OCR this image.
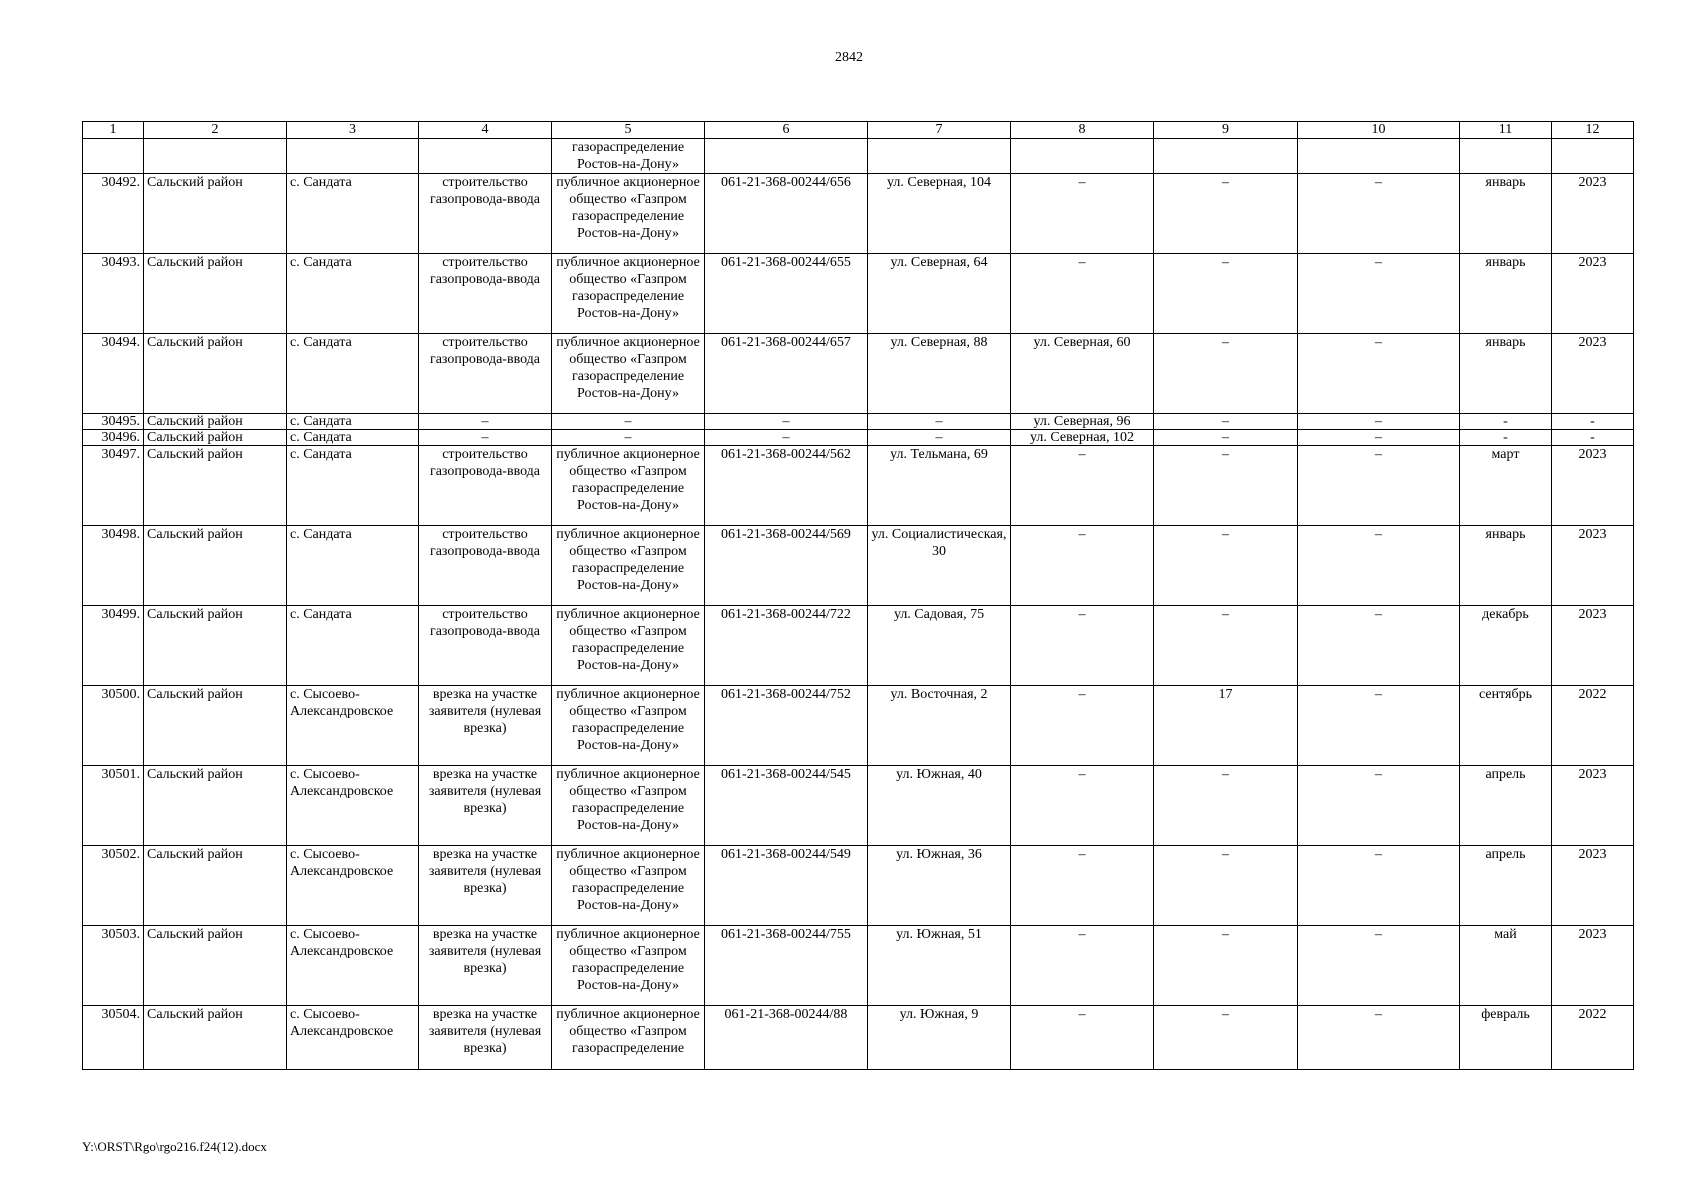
2842
1	2	3	4	5	6	7	8	9	10	11	12
				газораспределение Ростов-на-Дону»							
30492.	Сальский район	с. Сандата	строительство газопровода-ввода	публичное акционерное общество «Газпром газораспределение Ростов-на-Дону»	061-21-368-00244/656	ул. Северная, 104	–	–	–	январь	2023
30493.	Сальский район	с. Сандата	строительство газопровода-ввода	публичное акционерное общество «Газпром газораспределение Ростов-на-Дону»	061-21-368-00244/655	ул. Северная, 64	–	–	–	январь	2023
30494.	Сальский район	с. Сандата	строительство газопровода-ввода	публичное акционерное общество «Газпром газораспределение Ростов-на-Дону»	061-21-368-00244/657	ул. Северная, 88	ул. Северная, 60	–	–	январь	2023
30495.	Сальский район	с. Сандата	–	–	–	–	ул. Северная, 96	–	–	-	-
30496.	Сальский район	с. Сандата	–	–	–	–	ул. Северная, 102	–	–	-	-
30497.	Сальский район	с. Сандата	строительство газопровода-ввода	публичное акционерное общество «Газпром газораспределение Ростов-на-Дону»	061-21-368-00244/562	ул. Тельмана, 69	–	–	–	март	2023
30498.	Сальский район	с. Сандата	строительство газопровода-ввода	публичное акционерное общество «Газпром газораспределение Ростов-на-Дону»	061-21-368-00244/569	ул. Социалистическая, 30	–	–	–	январь	2023
30499.	Сальский район	с. Сандата	строительство газопровода-ввода	публичное акционерное общество «Газпром газораспределение Ростов-на-Дону»	061-21-368-00244/722	ул. Садовая, 75	–	–	–	декабрь	2023
30500.	Сальский район	с. Сысоево-Александровское	врезка на участке заявителя (нулевая врезка)	публичное акционерное общество «Газпром газораспределение Ростов-на-Дону»	061-21-368-00244/752	ул. Восточная, 2	–	17	–	сентябрь	2022
30501.	Сальский район	с. Сысоево-Александровское	врезка на участке заявителя (нулевая врезка)	публичное акционерное общество «Газпром газораспределение Ростов-на-Дону»	061-21-368-00244/545	ул. Южная, 40	–	–	–	апрель	2023
30502.	Сальский район	с. Сысоево-Александровское	врезка на участке заявителя (нулевая врезка)	публичное акционерное общество «Газпром газораспределение Ростов-на-Дону»	061-21-368-00244/549	ул. Южная, 36	–	–	–	апрель	2023
30503.	Сальский район	с. Сысоево-Александровское	врезка на участке заявителя (нулевая врезка)	публичное акционерное общество «Газпром газораспределение Ростов-на-Дону»	061-21-368-00244/755	ул. Южная, 51	–	–	–	май	2023
30504.	Сальский район	с. Сысоево-Александровское	врезка на участке заявителя (нулевая врезка)	публичное акционерное общество «Газпром газораспределение	061-21-368-00244/88	ул. Южная, 9	–	–	–	февраль	2022
Y:\ORST\Rgo\rgo216.f24(12).docx
